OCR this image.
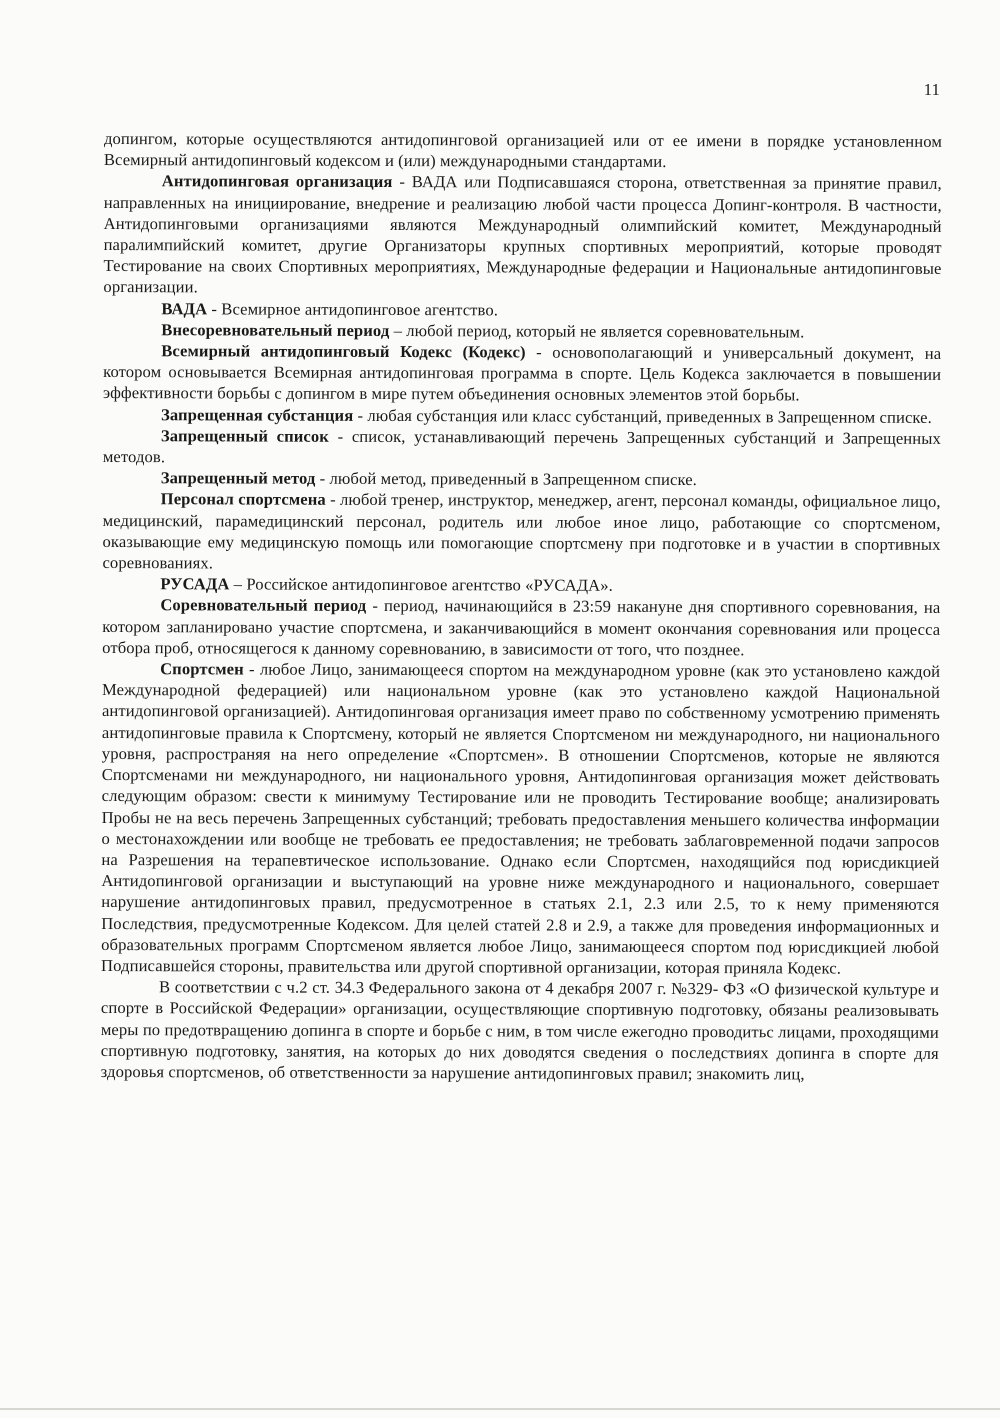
11

допингом, которые осуществляются антидопинговой организацией или от ее имени в порядке установленном Всемирный антидопинговый кодексом и (или) международными стандартами.

Антидопинговая организация - ВАДА или Подписавшаяся сторона, ответственная за принятие правил, направленных на инициирование, внедрение и реализацию любой части процесса Допинг-контроля. В частности, Антидопинговыми организациями являются Международный олимпийский комитет, Международный паралимпийский комитет, другие Организаторы крупных спортивных мероприятий, которые проводят Тестирование на своих Спортивных мероприятиях, Международные федерации и Национальные антидопинговые организации.

ВАДА - Всемирное антидопинговое агентство.

Внесоревновательный период – любой период, который не является соревновательным.

Всемирный антидопинговый Кодекс (Кодекс) - основополагающий и универсальный документ, на котором основывается Всемирная антидопинговая программа в спорте. Цель Кодекса заключается в повышении эффективности борьбы с допингом в мире путем объединения основных элементов этой борьбы.

Запрещенная субстанция - любая субстанция или класс субстанций, приведенных в Запрещенном списке.

Запрещенный список - список, устанавливающий перечень Запрещенных субстанций и Запрещенных методов.

Запрещенный метод - любой метод, приведенный в Запрещенном списке.

Персонал спортсмена - любой тренер, инструктор, менеджер, агент, персонал команды, официальное лицо, медицинский, парамедицинский персонал, родитель или любое иное лицо, работающие со спортсменом, оказывающие ему медицинскую помощь или помогающие спортсмену при подготовке и в участии в спортивных соревнованиях.

РУСАДА – Российское антидопинговое агентство «РУСАДА».

Соревновательный период - период, начинающийся в 23:59 накануне дня спортивного соревнования, на котором запланировано участие спортсмена, и заканчивающийся в момент окончания соревнования или процесса отбора проб, относящегося к данному соревнованию, в зависимости от того, что позднее.

Спортсмен - любое Лицо, занимающееся спортом на международном уровне (как это установлено каждой Международной федерацией) или национальном уровне (как это установлено каждой Национальной антидопинговой организацией). Антидопинговая организация имеет право по собственному усмотрению применять антидопинговые правила к Спортсмену, который не является Спортсменом ни международного, ни национального уровня, распространяя на него определение «Спортсмен». В отношении Спортсменов, которые не являются Спортсменами ни международного, ни национального уровня, Антидопинговая организация может действовать следующим образом: свести к минимуму Тестирование или не проводить Тестирование вообще; анализировать Пробы не на весь перечень Запрещенных субстанций; требовать предоставления меньшего количества информации о местонахождении или вообще не требовать ее предоставления; не требовать заблаговременной подачи запросов на Разрешения на терапевтическое использование. Однако если Спортсмен, находящийся под юрисдикцией Антидопинговой организации и выступающий на уровне ниже международного и национального, совершает нарушение антидопинговых правил, предусмотренное в статьях 2.1, 2.3 или 2.5, то к нему применяются Последствия, предусмотренные Кодексом. Для целей статей 2.8 и 2.9, а также для проведения информационных и образовательных программ Спортсменом является любое Лицо, занимающееся спортом под юрисдикцией любой Подписавшейся стороны, правительства или другой спортивной организации, которая приняла Кодекс.

В соответствии с ч.2 ст. 34.3 Федерального закона от 4 декабря 2007 г. №329- ФЗ «О физической культуре и спорте в Российской Федерации» организации, осуществляющие спортивную подготовку, обязаны реализовывать меры по предотвращению допинга в спорте и борьбе с ним, в том числе ежегодно проводитьс лицами, проходящими спортивную подготовку, занятия, на которых до них доводятся сведения о последствиях допинга в спорте для здоровья спортсменов, об ответственности за нарушение антидопинговых правил; знакомить лиц,
